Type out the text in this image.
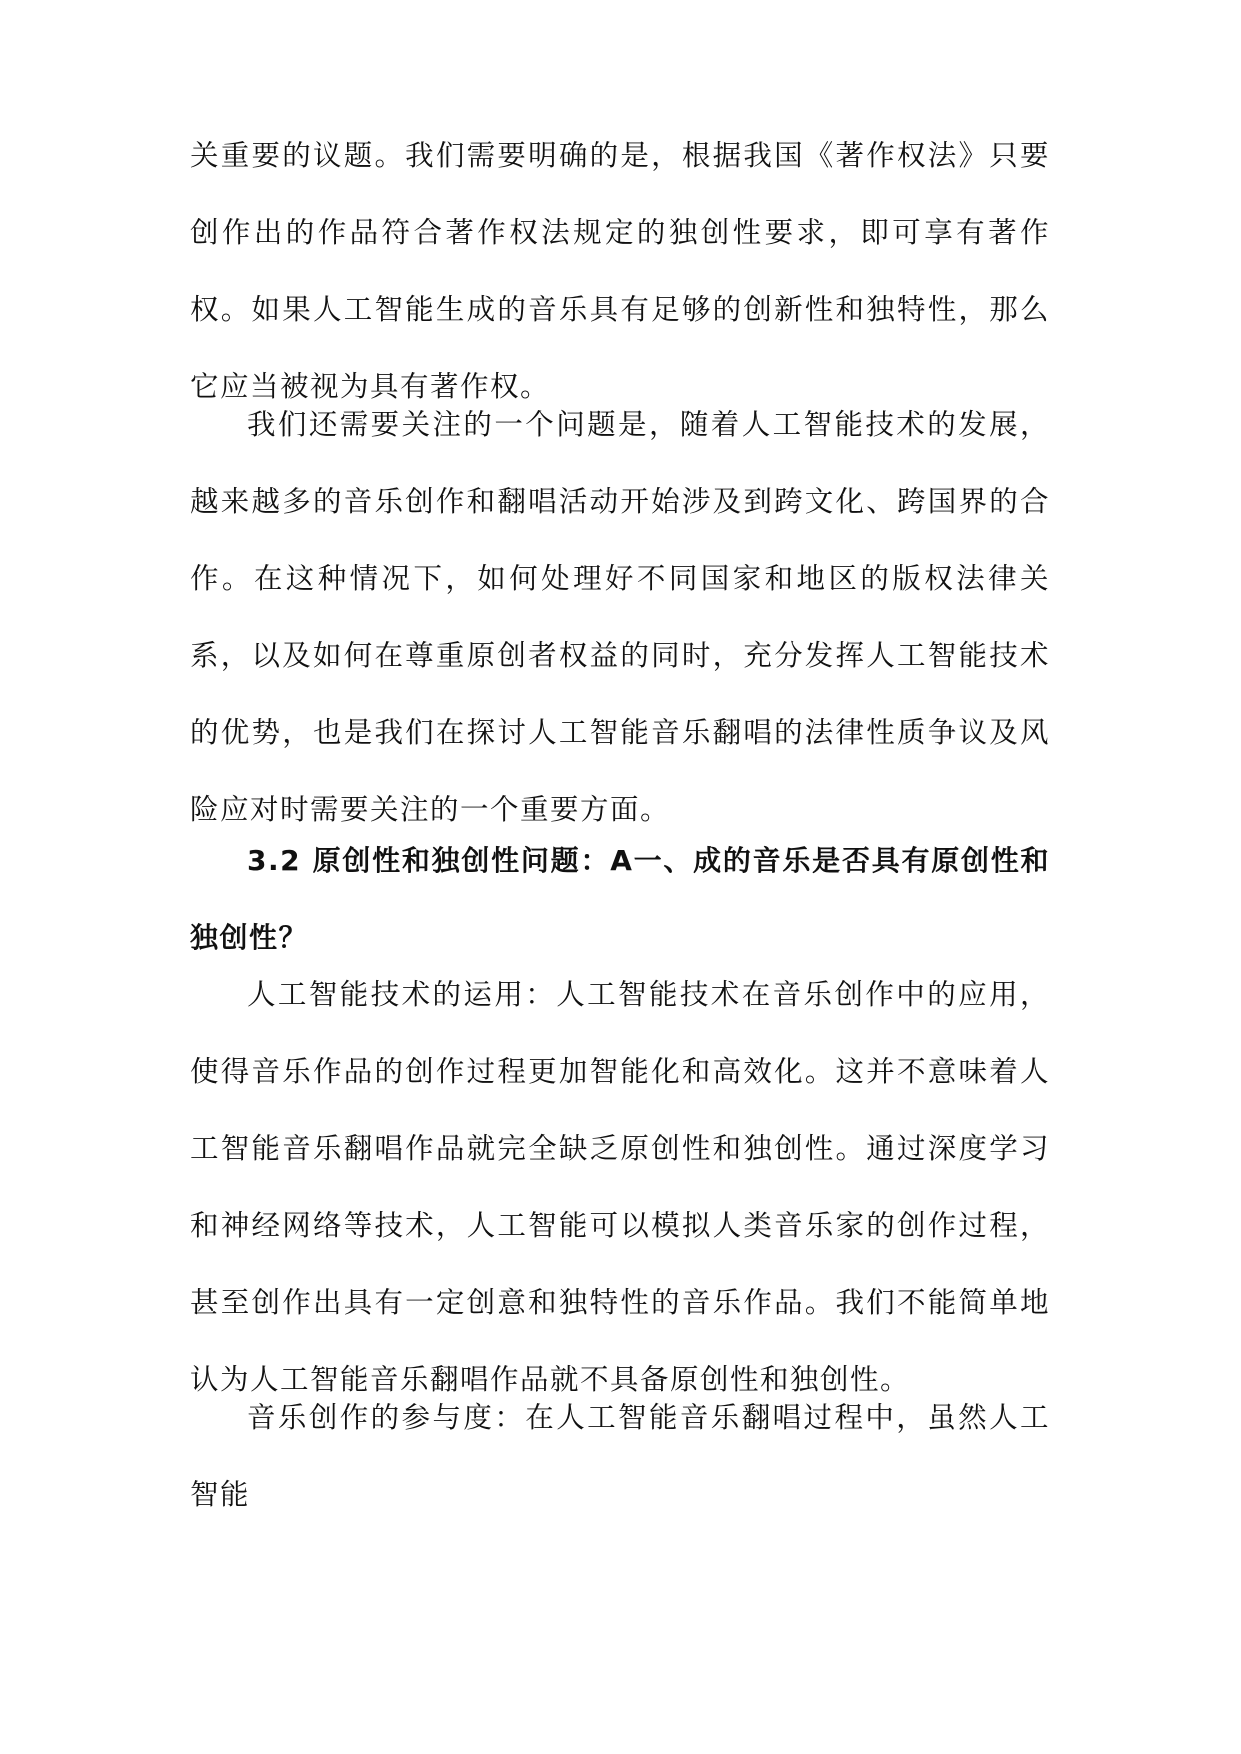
关重要的议题。我们需要明确的是，根据我国《著作权法》只要创作出的作品符合著作权法规定的独创性要求，即可享有著作权。如果人工智能生成的音乐具有足够的创新性和独特性，那么它应当被视为具有著作权。

我们还需要关注的一个问题是，随着人工智能技术的发展，越来越多的音乐创作和翻唱活动开始涉及到跨文化、跨国界的合作。在这种情况下，如何处理好不同国家和地区的版权法律关系，以及如何在尊重原创者权益的同时，充分发挥人工智能技术的优势，也是我们在探讨人工智能音乐翻唱的法律性质争议及风险应对时需要关注的一个重要方面。

3.2 原创性和独创性问题：A一、成的音乐是否具有原创性和独创性？

人工智能技术的运用：人工智能技术在音乐创作中的应用，使得音乐作品的创作过程更加智能化和高效化。这并不意味着人工智能音乐翻唱作品就完全缺乏原创性和独创性。通过深度学习和神经网络等技术，人工智能可以模拟人类音乐家的创作过程，甚至创作出具有一定创意和独特性的音乐作品。我们不能简单地认为人工智能音乐翻唱作品就不具备原创性和独创性。

音乐创作的参与度：在人工智能音乐翻唱过程中，虽然人工智能
